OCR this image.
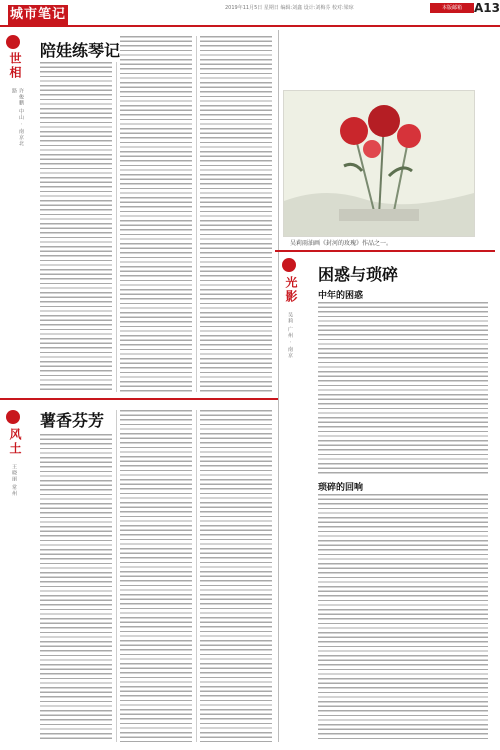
城市笔记	2019年11月5日 星期日 编辑:刘鑫 设计:刘梅芬 校对:梁琼	本版邮箱	A13
世相
许俊鹏 中山 · 南京北路
陪娃练琴记
吴莉雨油画《封河的玫瑰》作品之一。
光影
吴莉 广州 · 南京
困惑与琐碎
中年的困惑
琐碎的回响
风土
王晓丽 常州
薯香芬芳
